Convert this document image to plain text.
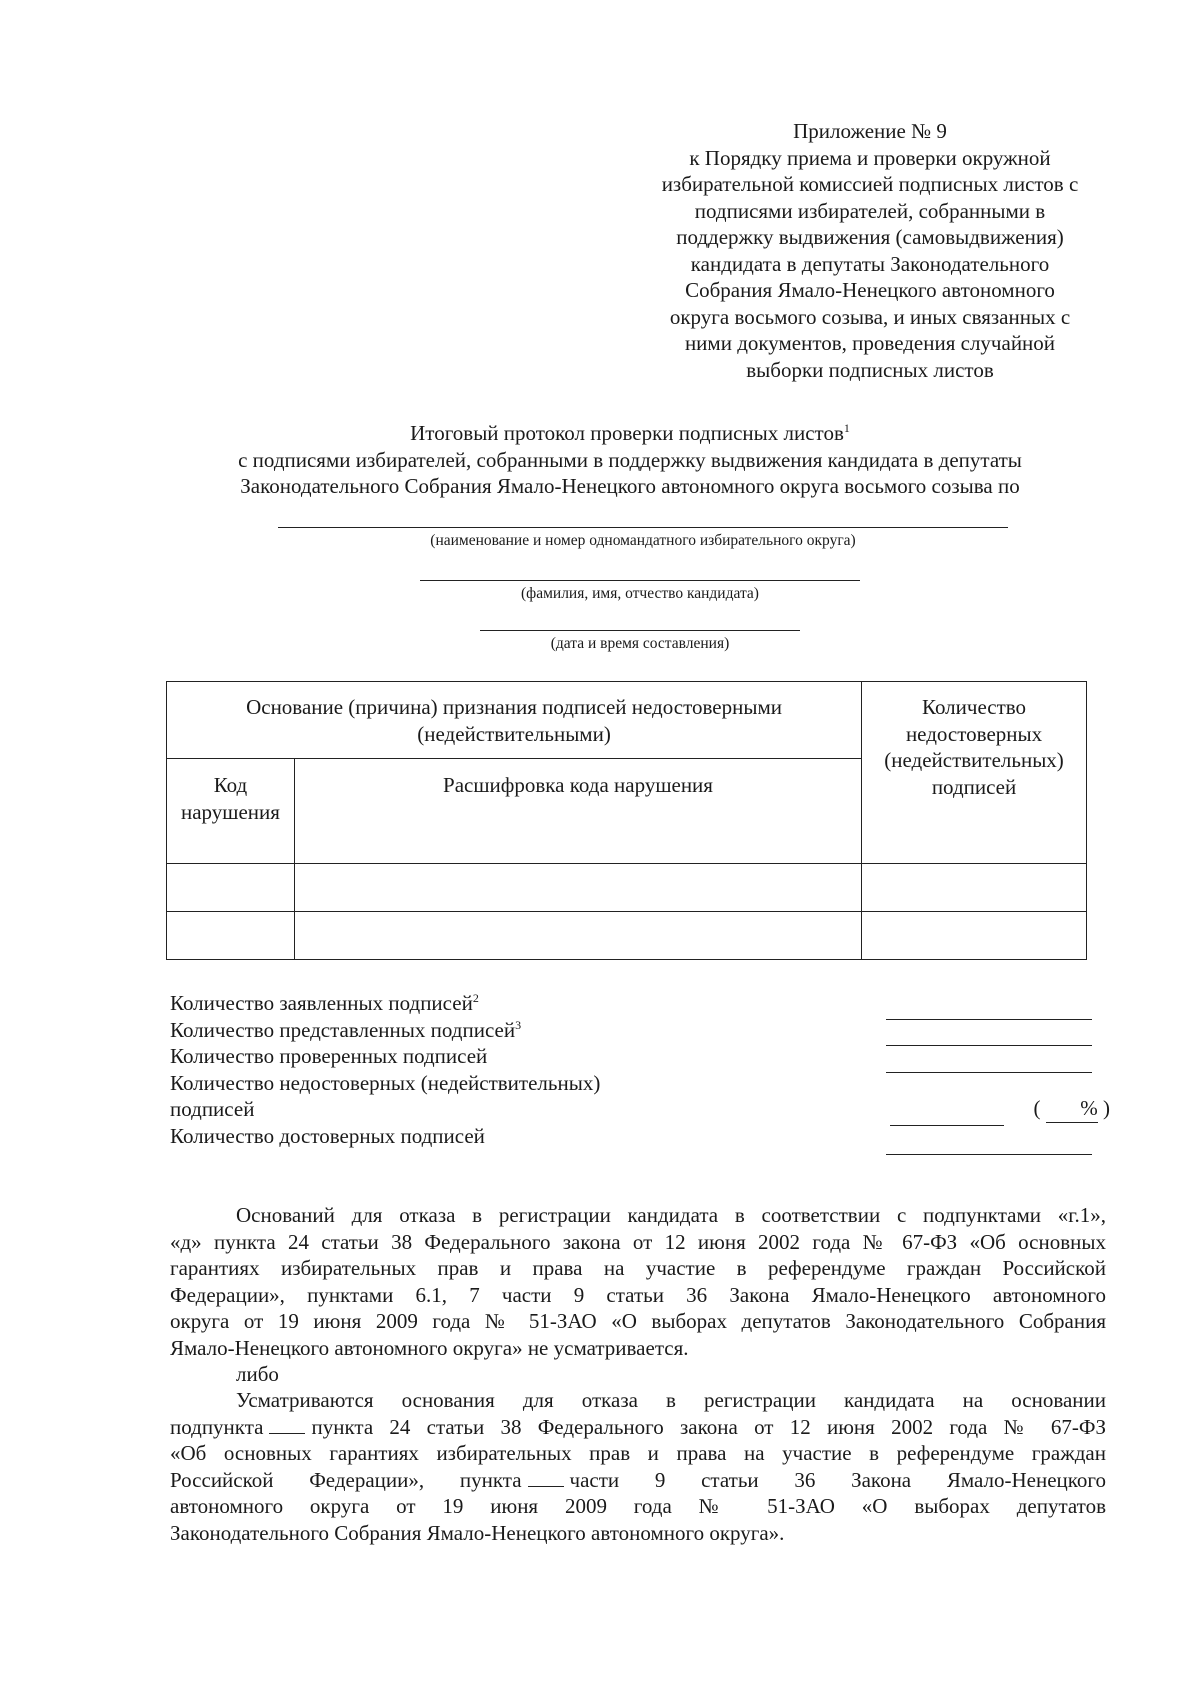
Приложение № 9
к Порядку приема и проверки окружной
избирательной комиссией подписных листов с
подписями избирателей, собранными в
поддержку выдвижения (самовыдвижения)
кандидата в депутаты Законодательного
Собрания Ямало-Ненецкого автономного
округа восьмого созыва, и иных связанных с
ними документов, проведения случайной
выборки подписных листов
Итоговый протокол проверки подписных листов$^1$
с подписями избирателей, собранными в поддержку выдвижения кандидата в депутаты
Законодательного Собрания Ямало-Ненецкого автономного округа восьмого созыва по
(наименование и номер одномандатного избирательного округа)
(фамилия, имя, отчество кандидата)
(дата и время составления)
Основание (причина) признания подписей недостоверными (недействительными)		Количество недостоверных (недействительных) подписей
Код нарушения	Расшифровка кода нарушения	

Количество заявленных подписей$^2$
Количество представленных подписей$^3$
Количество проверенных подписей
Количество недостоверных (недействительных)
подписей	( % )
Количество достоверных подписей
Оснований для отказа в регистрации кандидата в соответствии с подпунктами «г.1»,
«д» пункта 24 статьи 38 Федерального закона от 12 июня 2002 года № 67-ФЗ «Об основных
гарантиях избирательных прав и права на участие в референдуме граждан Российской
Федерации», пунктами 6.1, 7 части 9 статьи 36 Закона Ямало-Ненецкого автономного
округа от 19 июня 2009 года № 51-ЗАО «О выборах депутатов Законодательного Собрания
Ямало-Ненецкого автономного округа» не усматривается.
либо
Усматриваются основания для отказа в регистрации кандидата на основании
подпункта пункта 24 статьи 38 Федерального закона от 12 июня 2002 года № 67-ФЗ
«Об основных гарантиях избирательных прав и права на участие в референдуме граждан
Российской Федерации», пункта части 9 статьи 36 Закона Ямало-Ненецкого
автономного округа от 19 июня 2009 года № 51-ЗАО «О выборах депутатов
Законодательного Собрания Ямало-Ненецкого автономного округа».
